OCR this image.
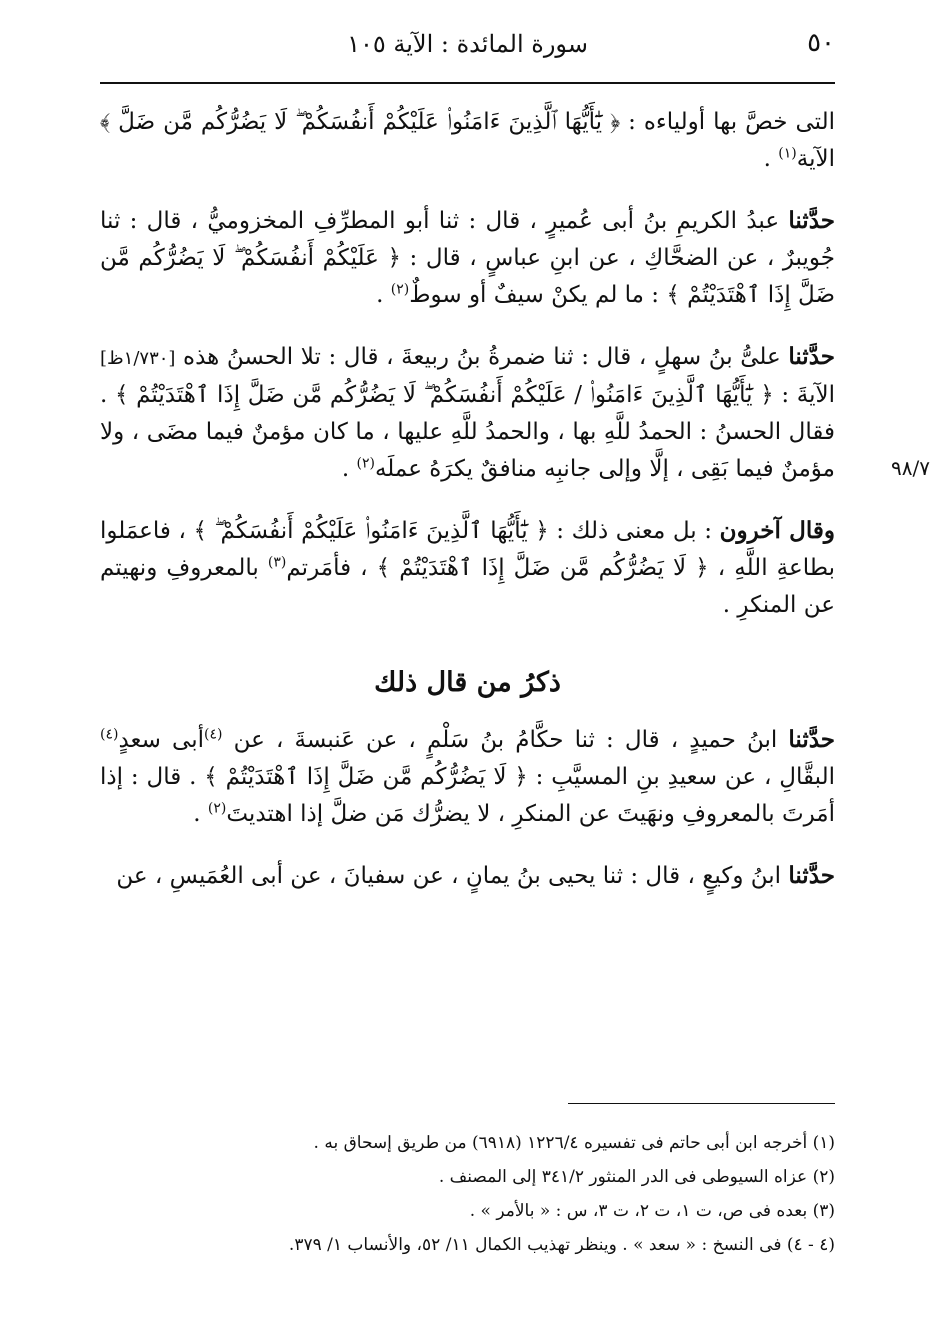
٥٠
سورة المائدة : الآية ١٠٥
٩٨/٧

التى خصَّ بها أولياءه : ﴿ يَٰٓأَيُّهَا ٱلَّذِينَ ءَامَنُوا۟ عَلَيْكُمْ أَنفُسَكُمْ ۖ لَا يَضُرُّكُم مَّن ضَلَّ ﴾ الآية$^{(١)}$ .

حدَّثنا عبدُ الكريمِ بنُ أبى عُميرٍ ، قال : ثنا أبو المطرِّفِ المخزوميُّ ، قال : ثنا جُويبرٌ ، عن الضحَّاكِ ، عن ابنِ عباسٍ ، قال : ﴿ عَلَيْكُمْ أَنفُسَكُمْ ۖ لَا يَضُرُّكُم مَّن ضَلَّ إِذَا ٱهْتَدَيْتُمْ ﴾ : ما لم يكنْ سيفٌ أو سوطٌ$^{(٢)}$ .

حدَّثنا علىُّ بنُ سهلٍ ، قال : ثنا ضمرةُ بنُ ربيعةَ ، قال : تلا الحسنُ هذه [١/٧٣٠ظ] الآيةَ : ﴿ يَٰٓأَيُّهَا ٱلَّذِينَ ءَامَنُوا۟ / عَلَيْكُمْ أَنفُسَكُمْ ۖ لَا يَضُرُّكُم مَّن ضَلَّ إِذَا ٱهْتَدَيْتُمْ ﴾ . فقال الحسنُ : الحمدُ للَّهِ بها ، والحمدُ للَّهِ عليها ، ما كان مؤمنٌ فيما مضَى ، ولا مؤمنٌ فيما بَقِى ، إلَّا وإلى جانبِه منافقٌ يكرَهُ عملَه$^{(٢)}$ .

وقال آخرون : بل معنى ذلك : ﴿ يَٰٓأَيُّهَا ٱلَّذِينَ ءَامَنُوا۟ عَلَيْكُمْ أَنفُسَكُمْ ۖ ﴾ ، فاعمَلوا بطاعةِ اللَّهِ ، ﴿ لَا يَضُرُّكُم مَّن ضَلَّ إِذَا ٱهْتَدَيْتُمْ ﴾ ، فأمَرتم$^{(٣)}$ بالمعروفِ ونهيتم عن المنكرِ .

ذكرُ من قال ذلك

حدَّثنا ابنُ حميدٍ ، قال : ثنا حكَّامُ بنُ سَلْمٍ ، عن عَنبسةَ ، عن $^{(٤)}$أبى سعدٍ$^{(٤)}$ البقَّالِ ، عن سعيدِ بنِ المسيَّبِ : ﴿ لَا يَضُرُّكُم مَّن ضَلَّ إِذَا ٱهْتَدَيْتُمْ ﴾ . قال : إذا أمَرتَ بالمعروفِ ونهَيتَ عن المنكرِ ، لا يضرُّك مَن ضلَّ إذا اهتديتَ$^{(٢)}$ .

حدَّثنا ابنُ وكيعٍ ، قال : ثنا يحيى بنُ يمانٍ ، عن سفيانَ ، عن أبى العُمَيسِ ، عن

(١) أخرجه ابن أبى حاتم فى تفسيره ١٢٢٦/٤ (٦٩١٨) من طريق إسحاق به .

(٢) عزاه السيوطى فى الدر المنثور ٣٤١/٢ إلى المصنف .

(٣) بعده فى ص، ت ١، ت ٢، ت ٣، س : « بالأمر » .

(٤ - ٤) فى النسخ : « سعد » . وينظر تهذيب الكمال ١١/ ٥٢، والأنساب ١/ ٣٧٩.
